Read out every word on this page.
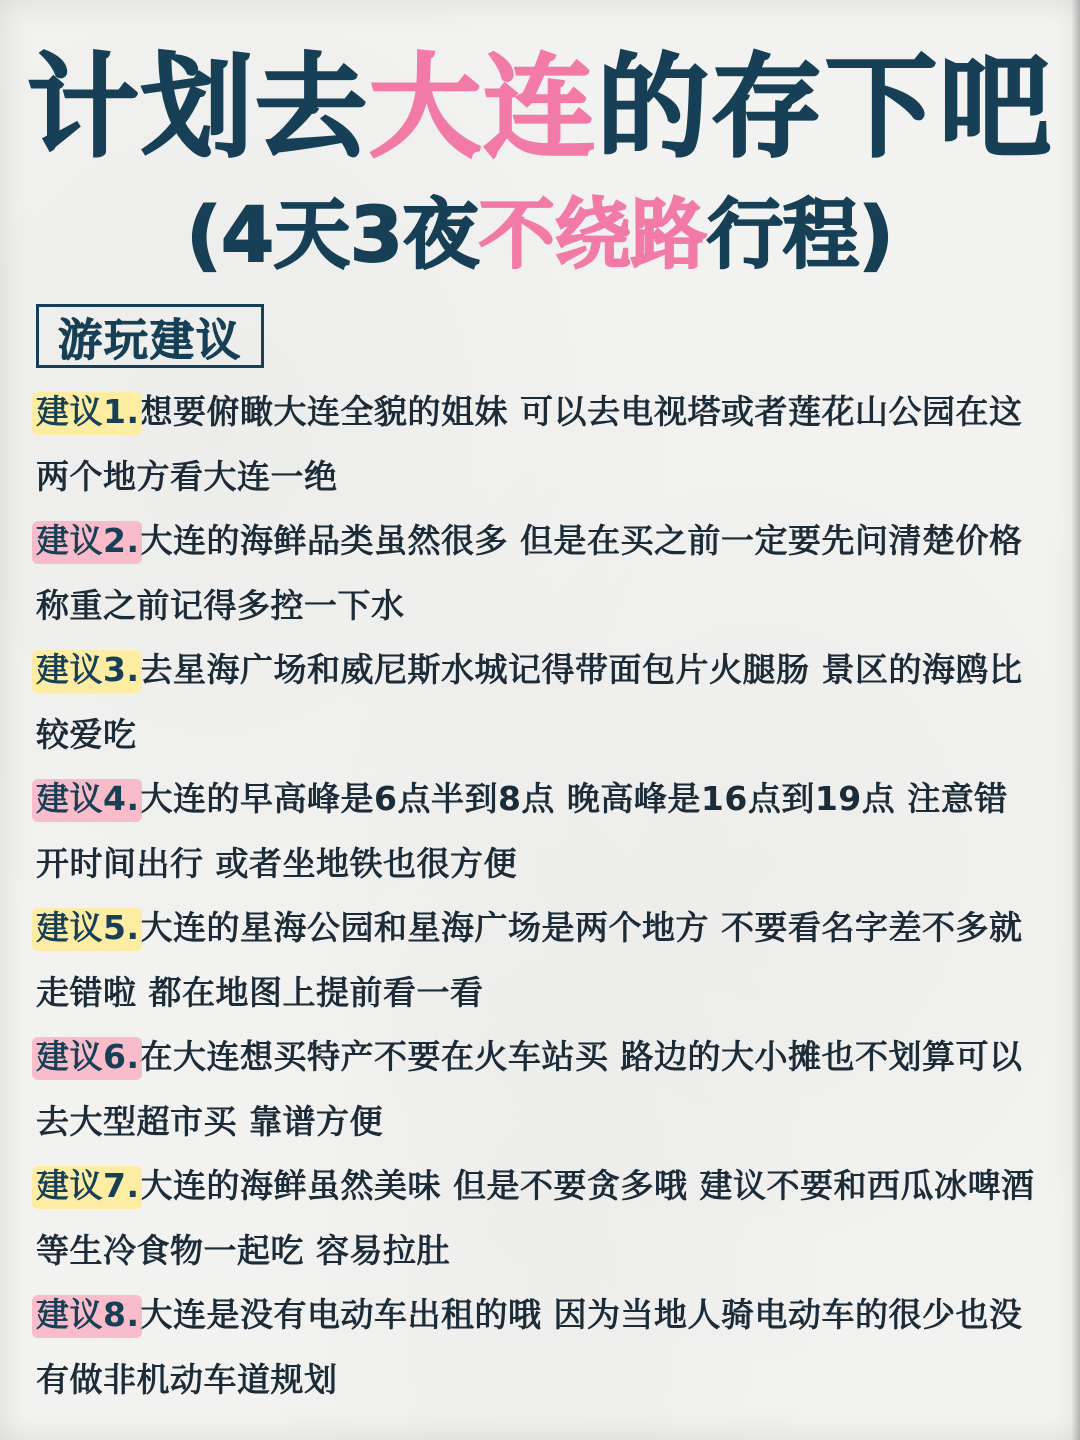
计划去大连的存下吧
(4天3夜不绕路行程)
游玩建议

建议1.想要俯瞰大连全貌的姐妹 可以去电视塔或者莲花山公园在这两个地方看大连一绝

建议2.大连的海鲜品类虽然很多 但是在买之前一定要先问清楚价格 称重之前记得多控一下水

建议3.去星海广场和威尼斯水城记得带面包片火腿肠 景区的海鸥比较爱吃

建议4.大连的早高峰是6点半到8点 晚高峰是16点到19点 注意错开时间出行 或者坐地铁也很方便

建议5.大连的星海公园和星海广场是两个地方 不要看名字差不多就走错啦 都在地图上提前看一看

建议6.在大连想买特产不要在火车站买 路边的大小摊也不划算可以去大型超市买 靠谱方便

建议7.大连的海鲜虽然美味 但是不要贪多哦 建议不要和西瓜冰啤酒等生冷食物一起吃 容易拉肚

建议8.大连是没有电动车出租的哦 因为当地人骑电动车的很少也没有做非机动车道规划
